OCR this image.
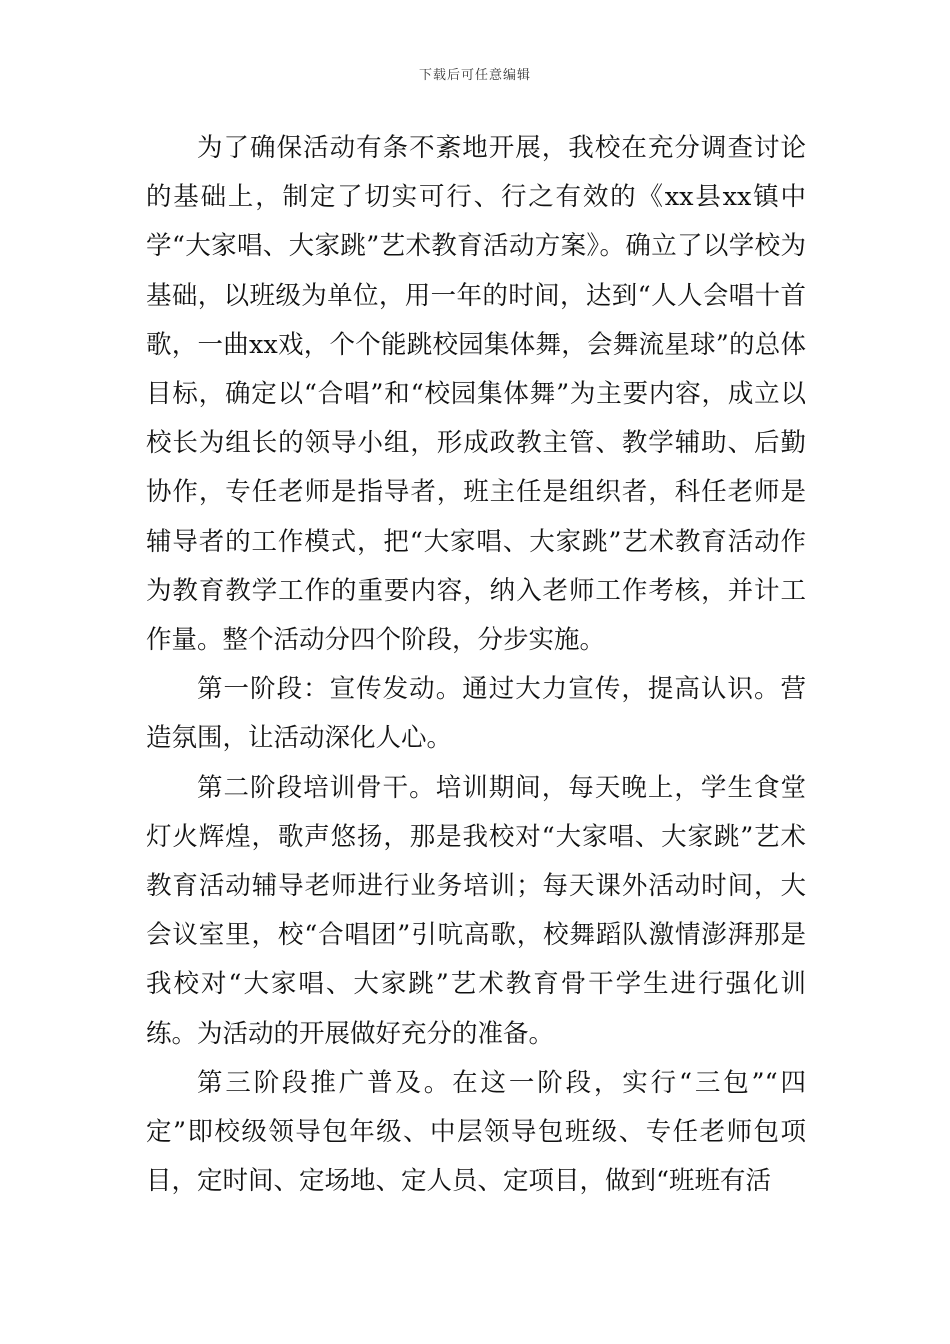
下载后可任意编辑

为了确保活动有条不紊地开展，我校在充分调查讨论的基础上，制定了切实可行、行之有效的《xx县xx镇中学“大家唱、大家跳”艺术教育活动方案》。确立了以学校为基础，以班级为单位，用一年的时间，达到“人人会唱十首歌，一曲xx戏，个个能跳校园集体舞，会舞流星球”的总体目标，确定以“合唱”和“校园集体舞”为主要内容，成立以校长为组长的领导小组，形成政教主管、教学辅助、后勤协作，专任老师是指导者，班主任是组织者，科任老师是辅导者的工作模式，把“大家唱、大家跳”艺术教育活动作为教育教学工作的重要内容，纳入老师工作考核，并计工作量。整个活动分四个阶段，分步实施。

第一阶段：宣传发动。通过大力宣传，提高认识。营造氛围，让活动深化人心。

第二阶段培训骨干。培训期间，每天晚上，学生食堂灯火辉煌，歌声悠扬，那是我校对“大家唱、大家跳”艺术教育活动辅导老师进行业务培训；每天课外活动时间，大会议室里，校“合唱团”引吭高歌，校舞蹈队激情澎湃那是我校对“大家唱、大家跳”艺术教育骨干学生进行强化训练。为活动的开展做好充分的准备。

第三阶段推广普及。在这一阶段，实行“三包”“四定”即校级领导包年级、中层领导包班级、专任老师包项目，定时间、定场地、定人员、定项目，做到“班班有活
